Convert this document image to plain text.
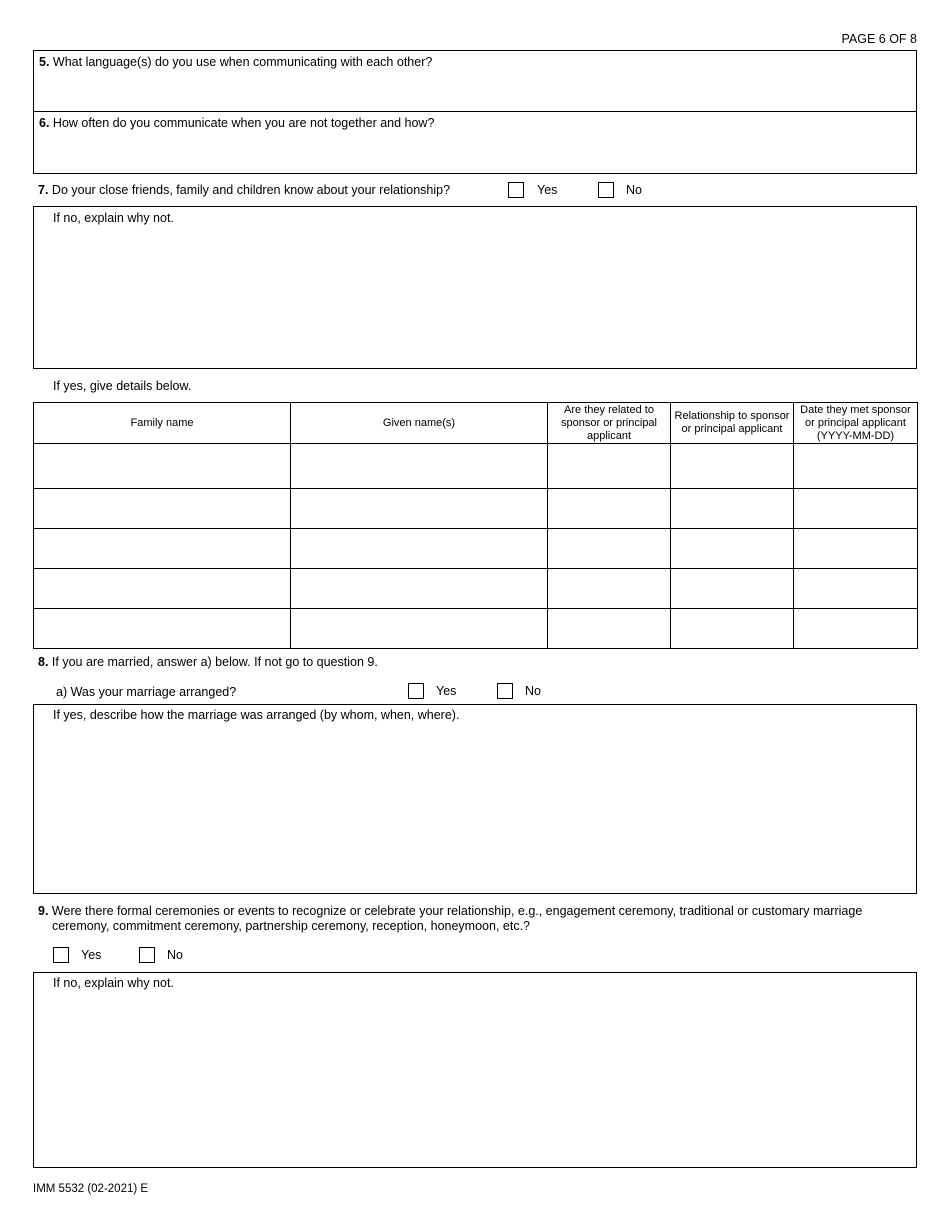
PAGE 6 OF 8
5. What language(s) do you use when communicating with each other?
6. How often do you communicate when you are not together and how?
7. Do your close friends, family and children know about your relationship?	Yes	No
If no, explain why not.
If yes, give details below.
Family name	Given name(s)	Are they related to sponsor or principal applicant	Relationship to sponsor or principal applicant	Date they met sponsor or principal applicant (YYYY-MM-DD)

8. If you are married, answer a) below. If not go to question 9.
a) Was your marriage arranged?	Yes	No
If yes, describe how the marriage was arranged (by whom, when, where).
9. Were there formal ceremonies or events to recognize or celebrate your relationship, e.g., engagement ceremony, traditional or customary marriage
ceremony, commitment ceremony, partnership ceremony, reception, honeymoon, etc.?
Yes	No
If no, explain why not.
IMM 5532 (02-2021) E
